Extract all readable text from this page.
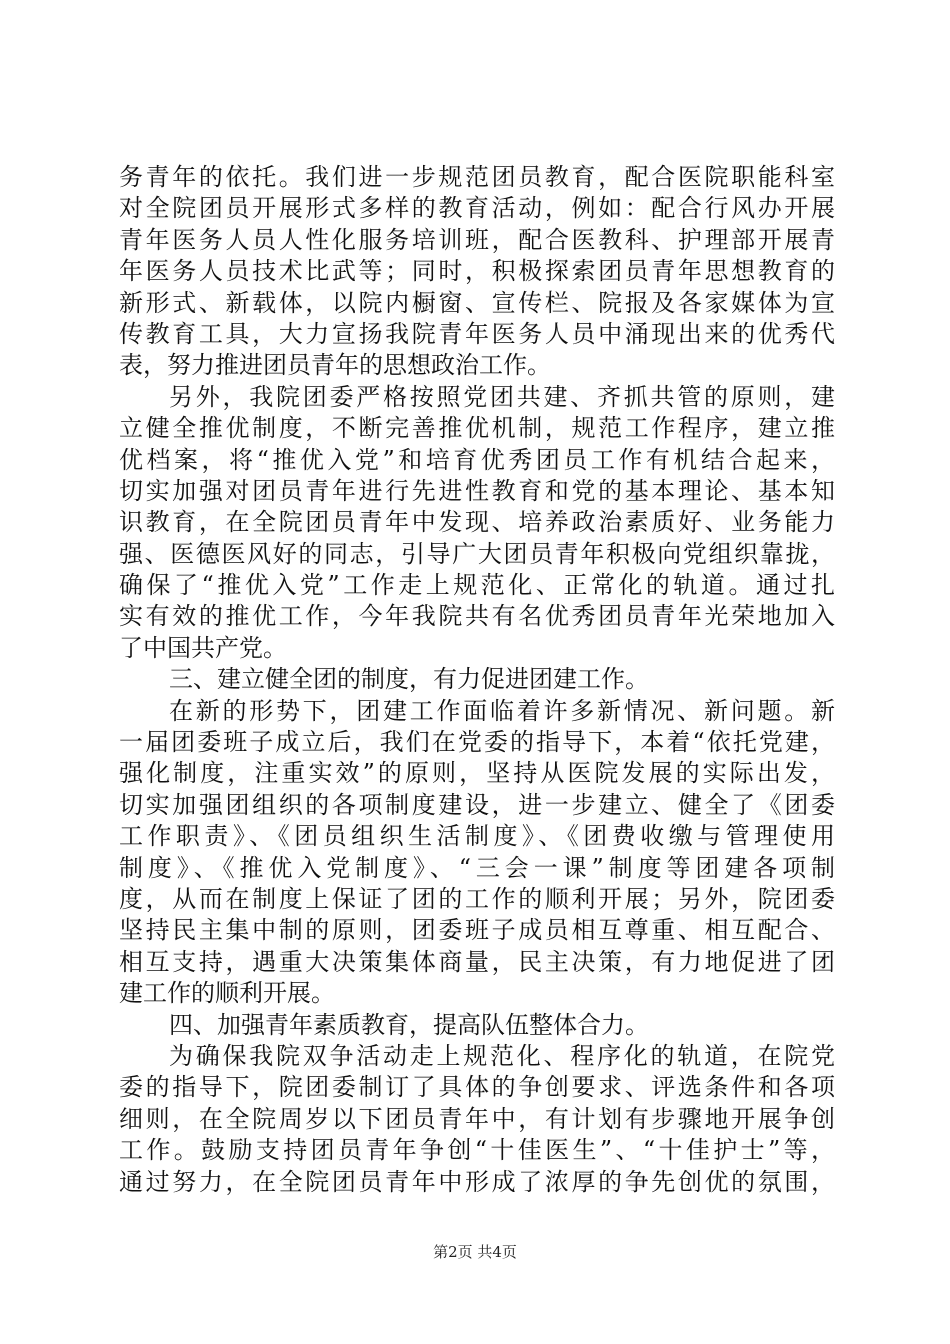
务青年的依托。我们进一步规范团员教育，配合医院职能科室
对全院团员开展形式多样的教育活动，例如：配合行风办开展
青年医务人员人性化服务培训班，配合医教科、护理部开展青
年医务人员技术比武等；同时，积极探索团员青年思想教育的
新形式、新载体，以院内橱窗、宣传栏、院报及各家媒体为宣
传教育工具，大力宣扬我院青年医务人员中涌现出来的优秀代
表，努力推进团员青年的思想政治工作。
另外，我院团委严格按照党团共建、齐抓共管的原则，建
立健全推优制度，不断完善推优机制，规范工作程序，建立推
优档案，将“推优入党”和培育优秀团员工作有机结合起来，
切实加强对团员青年进行先进性教育和党的基本理论、基本知
识教育，在全院团员青年中发现、培养政治素质好、业务能力
强、医德医风好的同志，引导广大团员青年积极向党组织靠拢，
确保了“推优入党”工作走上规范化、正常化的轨道。通过扎
实有效的推优工作，今年我院共有名优秀团员青年光荣地加入
了中国共产党。
三、建立健全团的制度，有力促进团建工作。
在新的形势下，团建工作面临着许多新情况、新问题。新
一届团委班子成立后，我们在党委的指导下，本着“依托党建，
强化制度，注重实效”的原则，坚持从医院发展的实际出发，
切实加强团组织的各项制度建设，进一步建立、健全了《团委
工作职责》、《团员组织生活制度》、《团费收缴与管理使用
制度》、《推优入党制度》、“三会一课”制度等团建各项制
度，从而在制度上保证了团的工作的顺利开展；另外，院团委
坚持民主集中制的原则，团委班子成员相互尊重、相互配合、
相互支持，遇重大决策集体商量，民主决策，有力地促进了团
建工作的顺利开展。
四、加强青年素质教育，提高队伍整体合力。
为确保我院双争活动走上规范化、程序化的轨道，在院党
委的指导下，院团委制订了具体的争创要求、评选条件和各项
细则，在全院周岁以下团员青年中，有计划有步骤地开展争创
工作。鼓励支持团员青年争创“十佳医生”、“十佳护士”等，
通过努力，在全院团员青年中形成了浓厚的争先创优的氛围，
第2页 共4页
